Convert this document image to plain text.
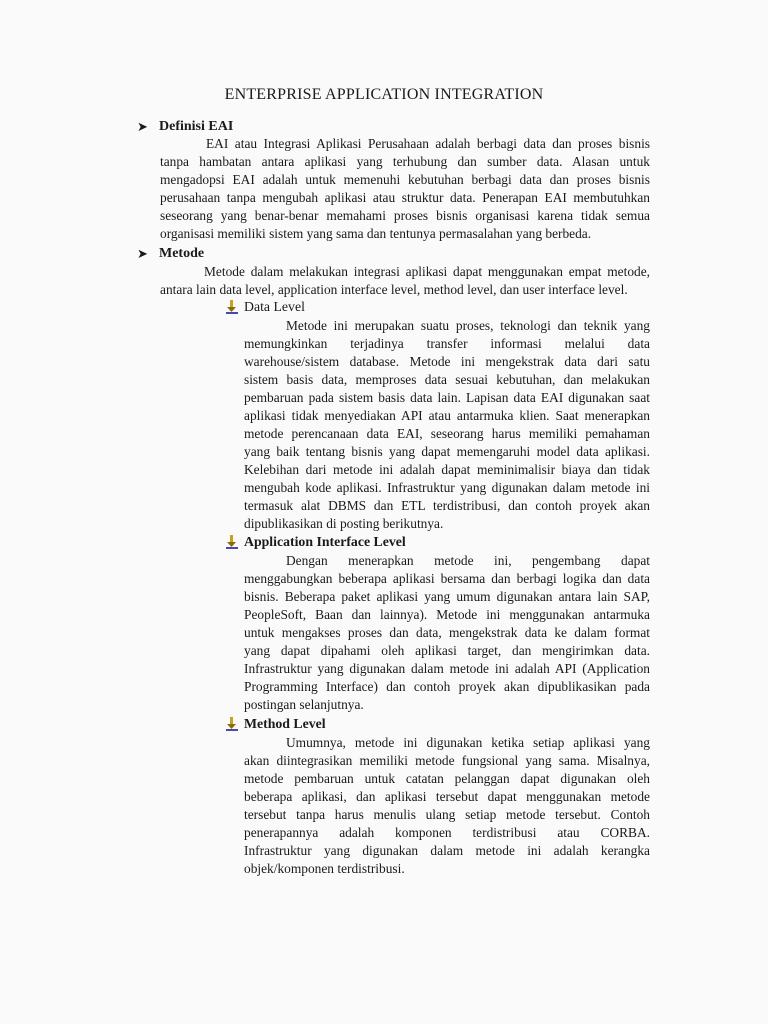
ENTERPRISE APPLICATION INTEGRATION
➤ Definisi EAI
EAI atau Integrasi Aplikasi Perusahaan adalah berbagi data dan proses bisnis
tanpa hambatan antara aplikasi yang terhubung dan sumber data. Alasan untuk
mengadopsi EAI adalah untuk memenuhi kebutuhan berbagi data dan proses bisnis
perusahaan tanpa mengubah aplikasi atau struktur data. Penerapan EAI membutuhkan
seseorang yang benar-benar memahami proses bisnis organisasi karena tidak semua
organisasi memiliki sistem yang sama dan tentunya permasalahan yang berbeda.
➤ Metode
Metode dalam melakukan integrasi aplikasi dapat menggunakan empat metode,
antara lain data level, application interface level, method level, dan user interface level.
Data Level
Metode ini merupakan suatu proses, teknologi dan teknik yang
memungkinkan terjadinya transfer informasi melalui data
warehouse/sistem database. Metode ini mengekstrak data dari satu
sistem basis data, memproses data sesuai kebutuhan, dan melakukan
pembaruan pada sistem basis data lain. Lapisan data EAI digunakan saat
aplikasi tidak menyediakan API atau antarmuka klien. Saat menerapkan
metode perencanaan data EAI, seseorang harus memiliki pemahaman
yang baik tentang bisnis yang dapat memengaruhi model data aplikasi.
Kelebihan dari metode ini adalah dapat meminimalisir biaya dan tidak
mengubah kode aplikasi. Infrastruktur yang digunakan dalam metode ini
termasuk alat DBMS dan ETL terdistribusi, dan contoh proyek akan
dipublikasikan di posting berikutnya.
Application Interface Level
Dengan menerapkan metode ini, pengembang dapat
menggabungkan beberapa aplikasi bersama dan berbagi logika dan data
bisnis. Beberapa paket aplikasi yang umum digunakan antara lain SAP,
PeopleSoft, Baan dan lainnya). Metode ini menggunakan antarmuka
untuk mengakses proses dan data, mengekstrak data ke dalam format
yang dapat dipahami oleh aplikasi target, dan mengirimkan data.
Infrastruktur yang digunakan dalam metode ini adalah API (Application
Programming Interface) dan contoh proyek akan dipublikasikan pada
postingan selanjutnya.
Method Level
Umumnya, metode ini digunakan ketika setiap aplikasi yang
akan diintegrasikan memiliki metode fungsional yang sama. Misalnya,
metode pembaruan untuk catatan pelanggan dapat digunakan oleh
beberapa aplikasi, dan aplikasi tersebut dapat menggunakan metode
tersebut tanpa harus menulis ulang setiap metode tersebut. Contoh
penerapannya adalah komponen terdistribusi atau CORBA.
Infrastruktur yang digunakan dalam metode ini adalah kerangka
objek/komponen terdistribusi.
